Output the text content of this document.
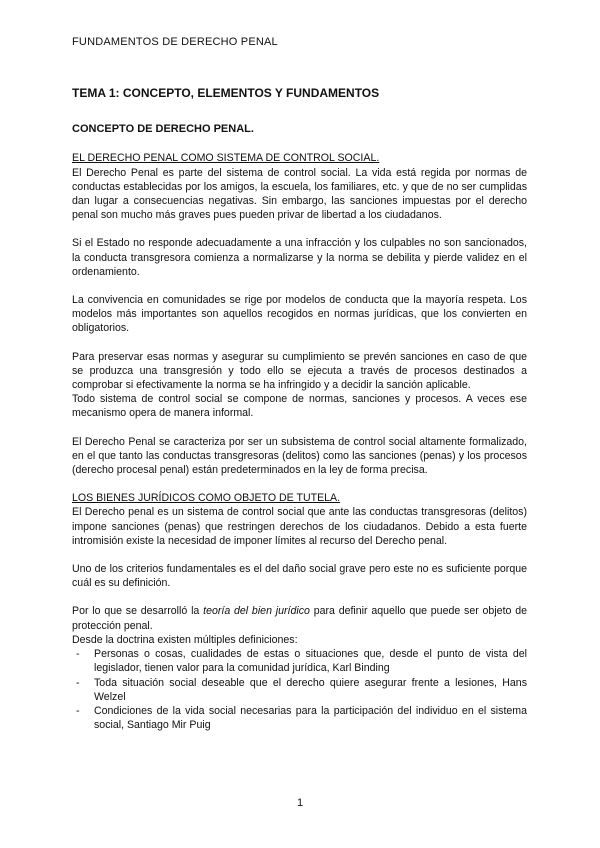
FUNDAMENTOS DE DERECHO PENAL
TEMA 1: CONCEPTO, ELEMENTOS Y FUNDAMENTOS
CONCEPTO DE DERECHO PENAL.

EL DERECHO PENAL COMO SISTEMA DE CONTROL SOCIAL.

El Derecho Penal es parte del sistema de control social. La vida está regida por normas de conductas establecidas por los amigos, la escuela, los familiares, etc. y que de no ser cumplidas dan lugar a consecuencias negativas. Sin embargo, las sanciones impuestas por el derecho penal son mucho más graves pues pueden privar de libertad a los ciudadanos.

Si el Estado no responde adecuadamente a una infracción y los culpables no son sancionados, la conducta transgresora comienza a normalizarse y la norma se debilita y pierde validez en el ordenamiento.

La convivencia en comunidades se rige por modelos de conducta que la mayoría respeta. Los modelos más importantes son aquellos recogidos en normas jurídicas, que los convierten en obligatorios.

Para preservar esas normas y asegurar su cumplimiento se prevén sanciones en caso de que se produzca una transgresión y todo ello se ejecuta a través de procesos destinados a comprobar si efectivamente la norma se ha infringido y a decidir la sanción aplicable.

Todo sistema de control social se compone de normas, sanciones y procesos. A veces ese mecanismo opera de manera informal.

El Derecho Penal se caracteriza por ser un subsistema de control social altamente formalizado, en el que tanto las conductas transgresoras (delitos) como las sanciones (penas) y los procesos (derecho procesal penal) están predeterminados en la ley de forma precisa.

LOS BIENES JURÍDICOS COMO OBJETO DE TUTELA.

El Derecho penal es un sistema de control social que ante las conductas transgresoras (delitos) impone sanciones (penas) que restringen derechos de los ciudadanos. Debido a esta fuerte intromisión existe la necesidad de imponer límites al recurso del Derecho penal.

Uno de los criterios fundamentales es el del daño social grave pero este no es suficiente porque cuál es su definición.

Por lo que se desarrolló la teoría del bien jurídico para definir aquello que puede ser objeto de protección penal.

Desde la doctrina existen múltiples definiciones:

- Personas o cosas, cualidades de estas o situaciones que, desde el punto de vista del legislador, tienen valor para la comunidad jurídica, Karl Binding
- Toda situación social deseable que el derecho quiere asegurar frente a lesiones, Hans Welzel
- Condiciones de la vida social necesarias para la participación del individuo en el sistema social, Santiago Mir Puig
1
